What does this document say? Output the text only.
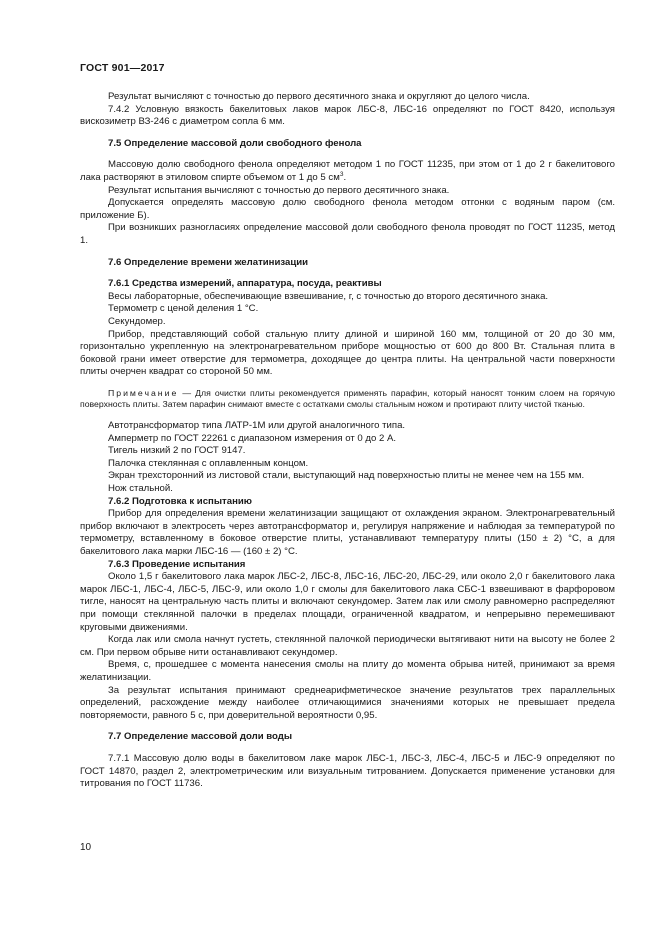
ГОСТ 901—2017

Результат вычисляют с точностью до первого десятичного знака и округляют до целого числа.

7.4.2 Условную вязкость бакелитовых лаков марок ЛБС-8, ЛБС-16 определяют по ГОСТ 8420, используя вискозиметр ВЗ-246 с диаметром сопла 6 мм.

7.5 Определение массовой доли свободного фенола

Массовую долю свободного фенола определяют методом 1 по ГОСТ 11235, при этом от 1 до 2 г бакелитового лака растворяют в этиловом спирте объемом от 1 до 5 $см^3$.

Результат испытания вычисляют с точностью до первого десятичного знака.

Допускается определять массовую долю свободного фенола методом отгонки с водяным паром (см. приложение Б).

При возникших разногласиях определение массовой доли свободного фенола проводят по ГОСТ 11235, метод 1.

7.6 Определение времени желатинизации
7.6.1 Средства измерений, аппаратура, посуда, реактивы

Весы лабораторные, обеспечивающие взвешивание, г, с точностью до второго десятичного знака.

Термометр с ценой деления 1 °С.

Секундомер.

Прибор, представляющий собой стальную плиту длиной и шириной 160 мм, толщиной от 20 до 30 мм, горизонтально укрепленную на электронагревательном приборе мощностью от 600 до 800 Вт. Стальная плита в боковой грани имеет отверстие для термометра, доходящее до центра плиты. На центральной части поверхности плиты очерчен квадрат со стороной 50 мм.

Примечание — Для очистки плиты рекомендуется применять парафин, который наносят тонким слоем на горячую поверхность плиты. Затем парафин снимают вместе с остатками смолы стальным ножом и протирают плиту чистой тканью.

Автотрансформатор типа ЛАТР-1М или другой аналогичного типа.

Амперметр по ГОСТ 22261 с диапазоном измерения от 0 до 2 А.

Тигель низкий 2 по ГОСТ 9147.

Палочка стеклянная с оплавленным концом.

Экран трехсторонний из листовой стали, выступающий над поверхностью плиты не менее чем на 155 мм.

Нож стальной.

7.6.2 Подготовка к испытанию

Прибор для определения времени желатинизации защищают от охлаждения экраном. Электронагревательный прибор включают в электросеть через автотрансформатор и, регулируя напряжение и наблюдая за температурой по термометру, вставленному в боковое отверстие плиты, устанавливают температуру плиты (150 ± 2) °С, а для бакелитового лака марки ЛБС-16 — (160 ± 2) °С.

7.6.3 Проведение испытания

Около 1,5 г бакелитового лака марок ЛБС-2, ЛБС-8, ЛБС-16, ЛБС-20, ЛБС-29, или около 2,0 г бакелитового лака марок ЛБС-1, ЛБС-4, ЛБС-5, ЛБС-9, или около 1,0 г смолы для бакелитового лака СБС-1 взвешивают в фарфоровом тигле, наносят на центральную часть плиты и включают секундомер. Затем лак или смолу равномерно распределяют при помощи стеклянной палочки в пределах площади, ограниченной квадратом, и непрерывно перемешивают круговыми движениями.

Когда лак или смола начнут густеть, стеклянной палочкой периодически вытягивают нити на высоту не более 2 см. При первом обрыве нити останавливают секундомер.

Время, с, прошедшее с момента нанесения смолы на плиту до момента обрыва нитей, принимают за время желатинизации.

За результат испытания принимают среднеарифметическое значение результатов трех параллельных определений, расхождение между наиболее отличающимися значениями которых не превышает предела повторяемости, равного 5 с, при доверительной вероятности 0,95.

7.7 Определение массовой доли воды

7.7.1 Массовую долю воды в бакелитовом лаке марок ЛБС-1, ЛБС-3, ЛБС-4, ЛБС-5 и ЛБС-9 определяют по ГОСТ 14870, раздел 2, электрометрическим или визуальным титрованием. Допускается применение установки для титрования по ГОСТ 11736.

10
